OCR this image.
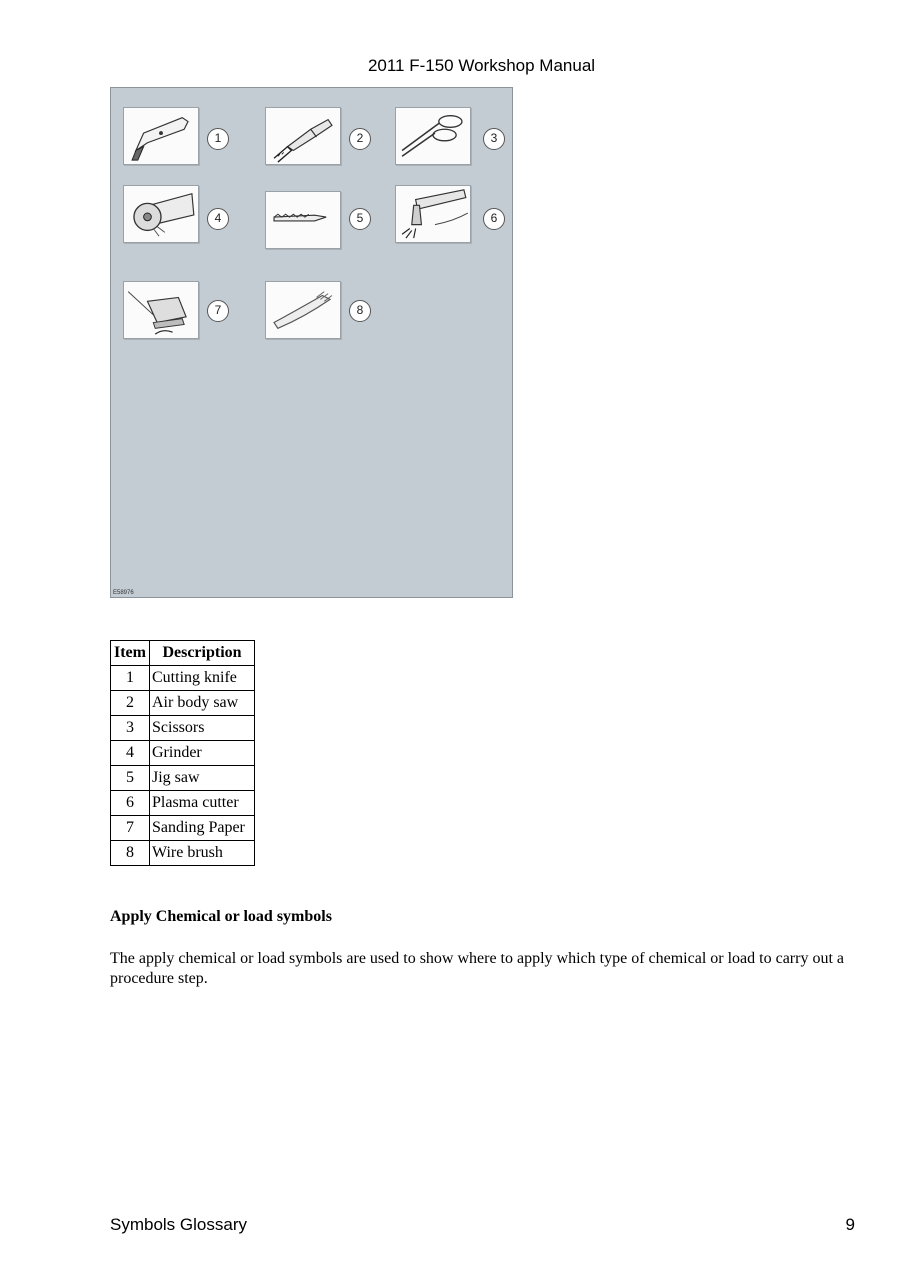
2011 F-150 Workshop Manual
1	2	3
4	5	6
7	8
E58976
Item	Description
1	Cutting knife
2	Air body saw
3	Scissors
4	Grinder
5	Jig saw
6	Plasma cutter
7	Sanding Paper
8	Wire brush
Apply Chemical or load symbols
The apply chemical or load symbols are used to show where to apply which type of chemical or load to carry out a procedure step.
Symbols Glossary	9
